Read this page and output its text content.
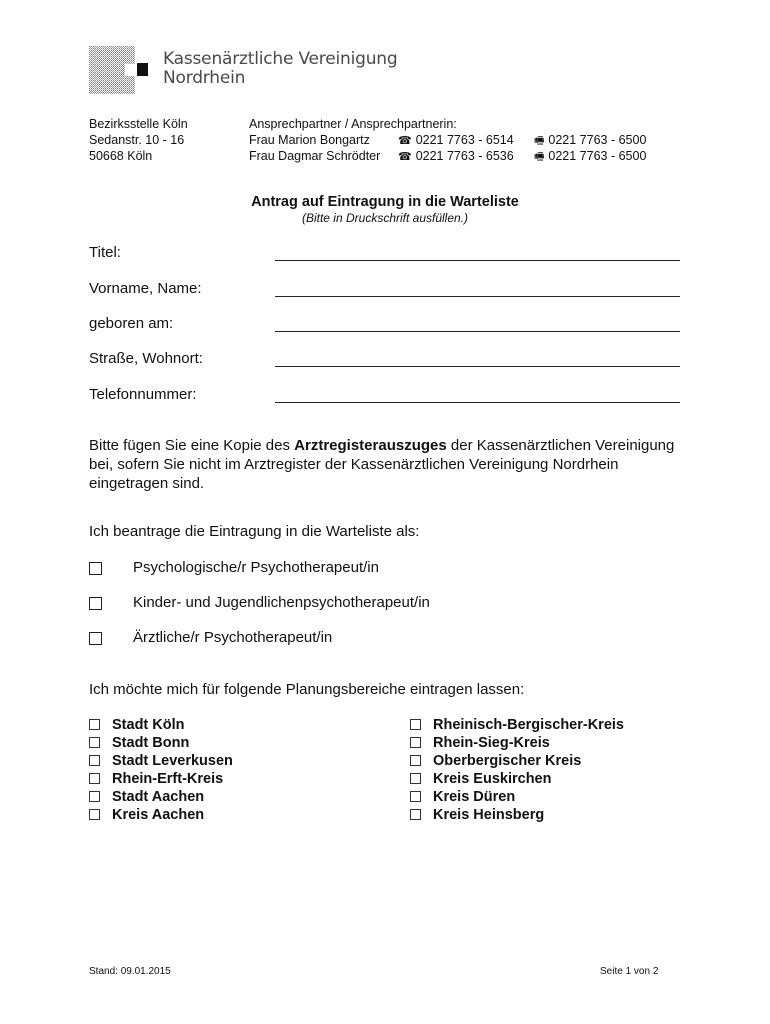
Kassenärztliche Vereinigung
Nordrhein
Bezirksstelle Köln
Sedanstr. 10 - 16
50668 Köln
Ansprechpartner / Ansprechpartnerin:
Frau Marion Bongartz	☎ 0221 7763 - 6514 🖷 0221 7763 - 6500
Frau Dagmar Schrödter ☎ 0221 7763 - 6536 🖷 0221 7763 - 6500
Antrag auf Eintragung in die Warteliste
(Bitte in Druckschrift ausfüllen.)
Titel:
Vorname, Name:
geboren am:
Straße, Wohnort:
Telefonnummer:
Bitte fügen Sie eine Kopie des Arztregisterauszuges der Kassenärztlichen Vereinigung bei, sofern Sie nicht im Arztregister der Kassenärztlichen Vereinigung Nordrhein eingetragen sind.
Ich beantrage die Eintragung in die Warteliste als:
Psychologische/r Psychotherapeut/in
Kinder- und Jugendlichenpsychotherapeut/in
Ärztliche/r Psychotherapeut/in
Ich möchte mich für folgende Planungsbereiche eintragen lassen:
Stadt Köln
Stadt Bonn
Stadt Leverkusen
Rhein-Erft-Kreis
Stadt Aachen
Kreis Aachen
Rheinisch-Bergischer-Kreis
Rhein-Sieg-Kreis
Oberbergischer Kreis
Kreis Euskirchen
Kreis Düren
Kreis Heinsberg
Stand: 09.01.2015	Seite 1 von 2
